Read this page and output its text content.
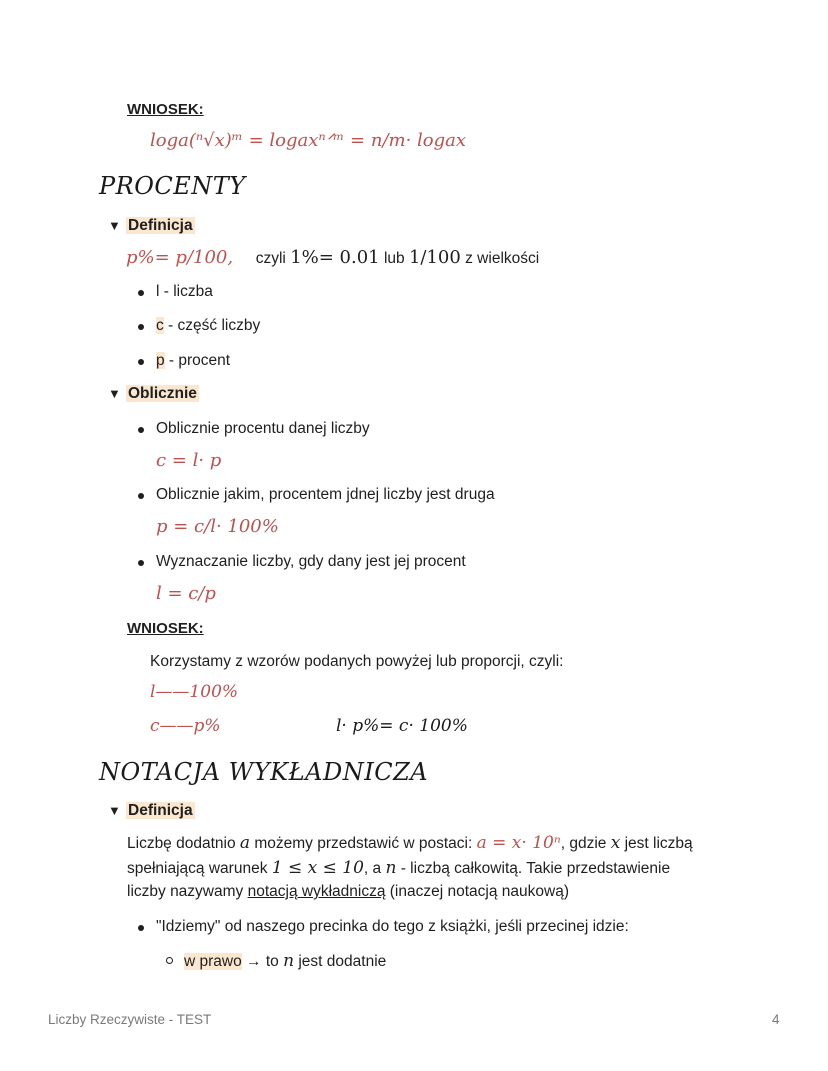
WNIOSEK:
loga(ⁿ√x)ᵐ = logaxⁿᐟᵐ = n/m· logax
PROCENTY
▼ Definicja
p%= p/100, czyli 1%= 0.01 lub 1/100 z wielkości
l - liczba
c - część liczby
p - procent
▼ Oblicznie
Oblicznie procentu danej liczby
c = l· p
Oblicznie jakim, procentem jdnej liczby jest druga
p = c/l· 100%
Wyznaczanie liczby, gdy dany jest jej procent
l = c/p
WNIOSEK:
Korzystamy z wzorów podanych powyżej lub proporcji, czyli:
l——100%
c——p%	l· p%= c· 100%
NOTACJA WYKŁADNICZA
▼ Definicja
Liczbę dodatnio a możemy przedstawić w postaci: a = x· 10ⁿ, gdzie x jest liczbą
spełniającą warunek 1 ≤ x ≤ 10, a n - liczbą całkowitą. Takie przedstawienie
liczby nazywamy notacją wykładniczą (inaczej notacją naukową)
"Idziemy" od naszego precinka do tego z książki, jeśli przecinej idzie:
w prawo → to n jest dodatnie
Liczby Rzeczywiste - TEST	4
